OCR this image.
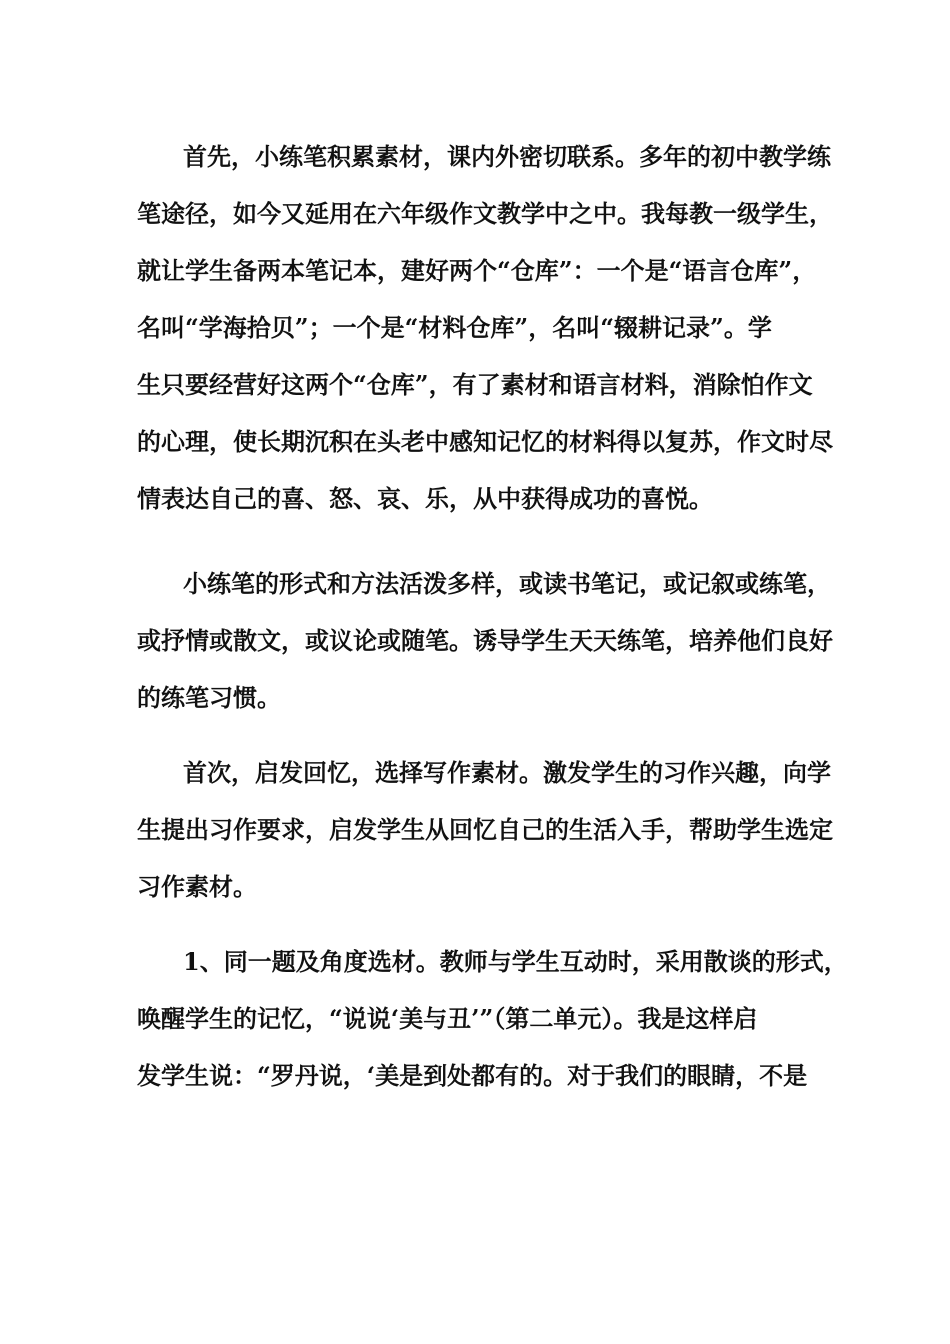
首先，小练笔积累素材，课内外密切联系。多年的初中教学练
笔途径，如今又延用在六年级作文教学中之中。我每教一级学生，
就让学生备两本笔记本，建好两个“仓库”：一个是“语言仓库”，
名叫“学海拾贝”；一个是“材料仓库”，名叫“辍耕记录”。学
生只要经营好这两个“仓库”，有了素材和语言材料，消除怕作文
的心理，使长期沉积在头老中感知记忆的材料得以复苏，作文时尽
情表达自己的喜、怒、哀、乐，从中获得成功的喜悦。
小练笔的形式和方法活泼多样，或读书笔记，或记叙或练笔，
或抒情或散文，或议论或随笔。诱导学生天天练笔，培养他们良好
的练笔习惯。
首次，启发回忆，选择写作素材。激发学生的习作兴趣，向学
生提出习作要求，启发学生从回忆自己的生活入手，帮助学生选定
习作素材。
1、同一题及角度选材。教师与学生互动时，采用散谈的形式，
唤醒学生的记忆，“说说‘美与丑’”（第二单元）。我是这样启
发学生说：“罗丹说，‘美是到处都有的。对于我们的眼睛，不是
